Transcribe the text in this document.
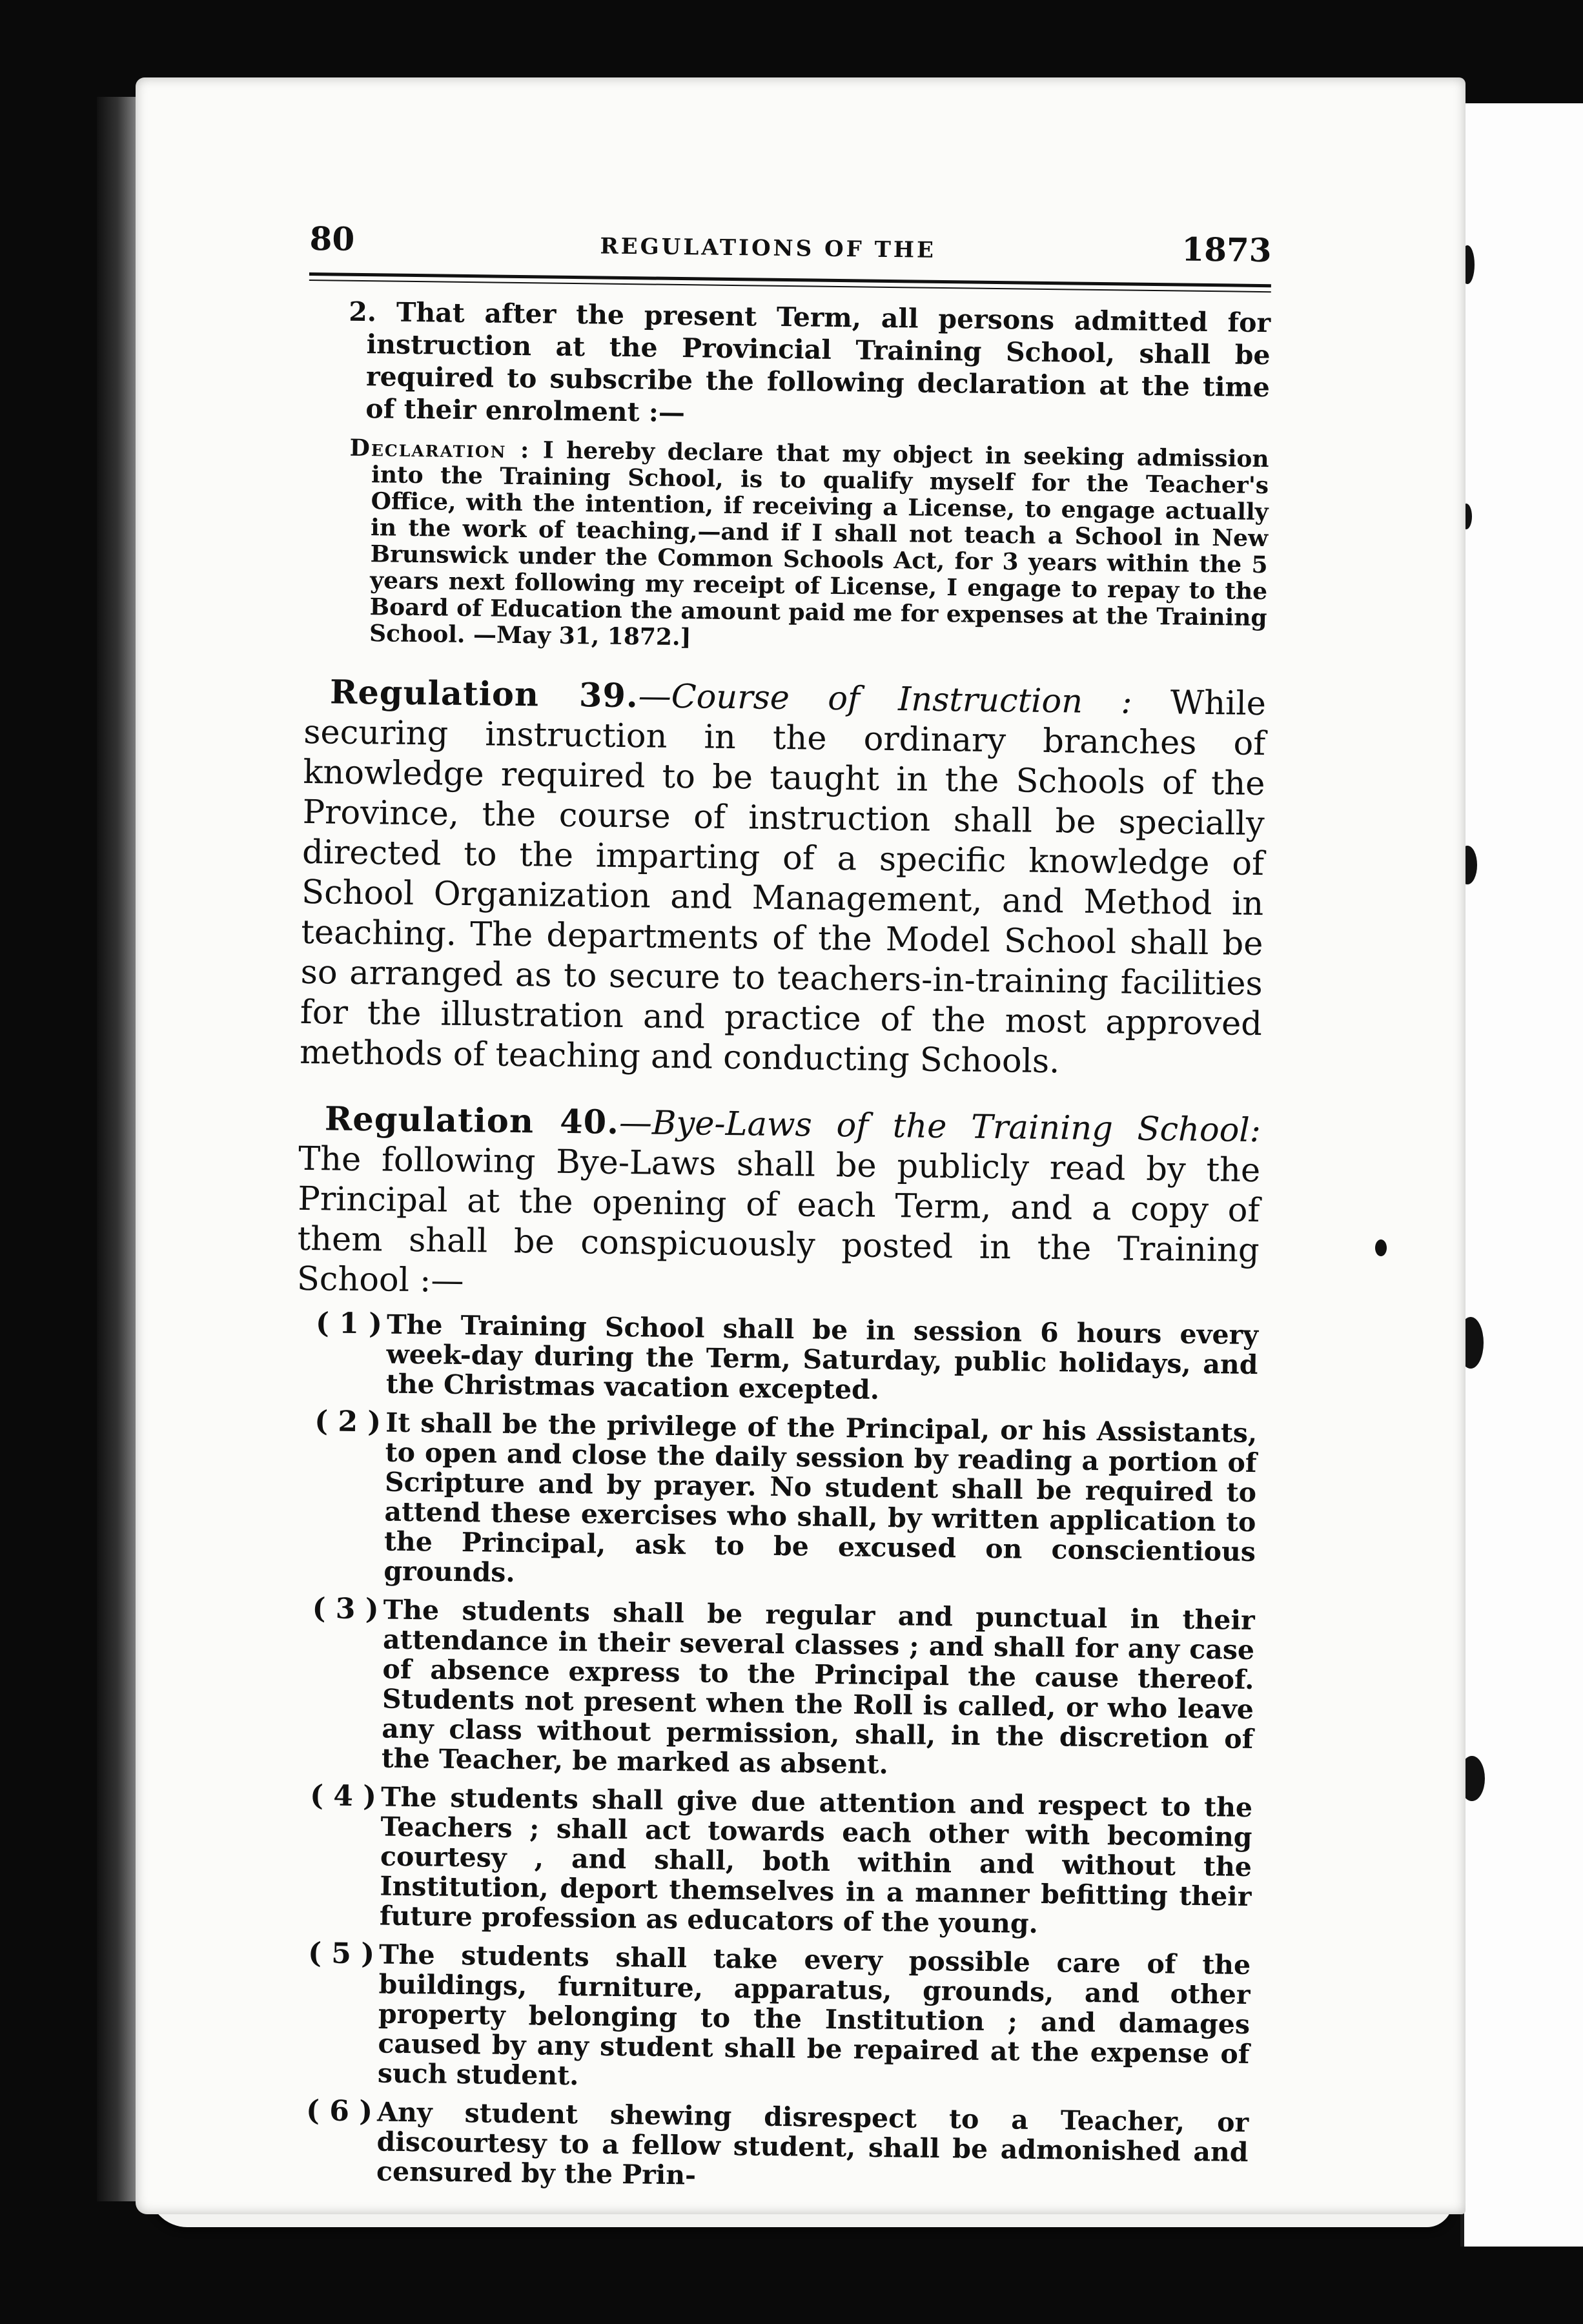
80	REGULATIONS OF THE	1873

2. That after the present Term, all persons admitted for instruction at the Provincial Training School, shall be required to subscribe the following declaration at the time of their enrolment :—

Declaration : I hereby declare that my object in seeking admission into the Training School, is to qualify myself for the Teacher's Office, with the intention, if receiving a License, to engage actually in the work of teaching,—and if I shall not teach a School in New Brunswick under the Common Schools Act, for 3 years within the 5 years next following my receipt of License, I engage to repay to the Board of Education the amount paid me for expenses at the Training School. —May 31, 1872.]

Regulation 39.—Course of Instruction : While securing instruction in the ordinary branches of knowledge required to be taught in the Schools of the Province, the course of instruction shall be specially directed to the imparting of a specific knowledge of School Organization and Management, and Method in teaching. The departments of the Model School shall be so arranged as to secure to teachers-in-training facilities for the illustration and practice of the most approved methods of teaching and conducting Schools.

Regulation 40.—Bye-Laws of the Training School: The following Bye-Laws shall be publicly read by the Principal at the opening of each Term, and a copy of them shall be conspicuously posted in the Training School :—

( 1 ) The Training School shall be in session 6 hours every week-day during the Term, Saturday, public holidays, and the Christmas vacation excepted.
( 2 ) It shall be the privilege of the Principal, or his Assistants, to open and close the daily session by reading a portion of Scripture and by prayer. No student shall be required to attend these exercises who shall, by written application to the Principal, ask to be excused on conscientious grounds.
( 3 ) The students shall be regular and punctual in their attendance in their several classes ; and shall for any case of absence express to the Principal the cause thereof. Students not present when the Roll is called, or who leave any class without permission, shall, in the discretion of the Teacher, be marked as absent.
( 4 ) The students shall give due attention and respect to the Teachers ; shall act towards each other with becoming courtesy , and shall, both within and without the Institution, deport themselves in a manner befitting their future profession as educators of the young.
( 5 ) The students shall take every possible care of the buildings, furniture, apparatus, grounds, and other property belonging to the Institution ; and damages caused by any student shall be repaired at the expense of such student.
( 6 ) Any student shewing disrespect to a Teacher, or discourtesy to a fellow student, shall be admonished and censured by the Prin-
